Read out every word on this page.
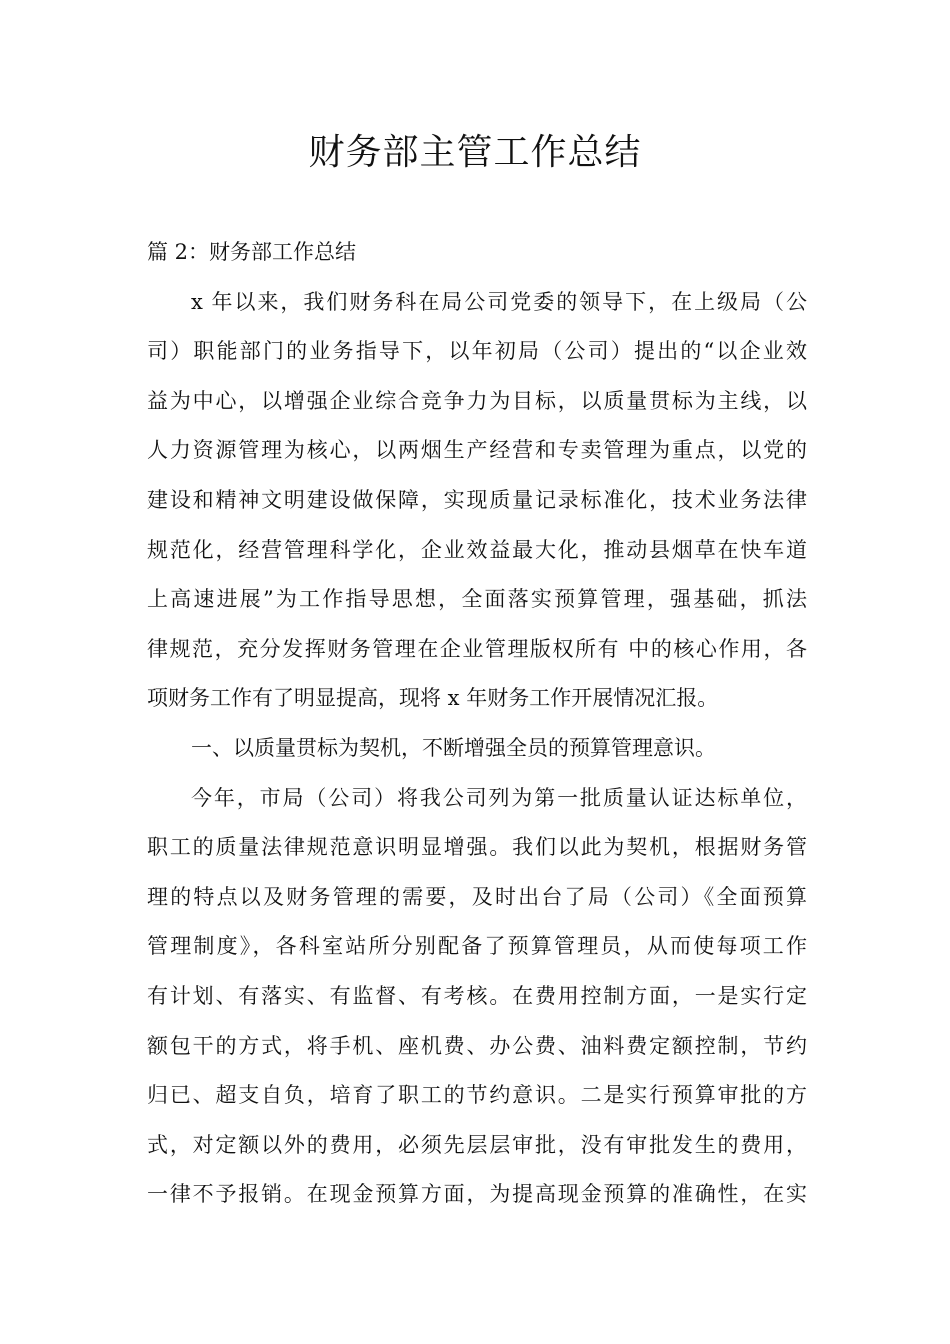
财务部主管工作总结
篇 2：财务部工作总结
x 年以来，我们财务科在局公司党委的领导下，在上级局（公
司）职能部门的业务指导下，以年初局（公司）提出的“以企业效
益为中心，以增强企业综合竞争力为目标，以质量贯标为主线，以
人力资源管理为核心，以两烟生产经营和专卖管理为重点，以党的
建设和精神文明建设做保障，实现质量记录标准化，技术业务法律
规范化，经营管理科学化，企业效益最大化，推动县烟草在快车道
上高速进展”为工作指导思想，全面落实预算管理，强基础，抓法
律规范，充分发挥财务管理在企业管理版权所有 中的核心作用，各
项财务工作有了明显提高，现将 x 年财务工作开展情况汇报。
一、以质量贯标为契机，不断增强全员的预算管理意识。
今年，市局（公司）将我公司列为第一批质量认证达标单位，
职工的质量法律规范意识明显增强。我们以此为契机，根据财务管
理的特点以及财务管理的需要，及时出台了局（公司）《全面预算
管理制度》，各科室站所分别配备了预算管理员，从而使每项工作
有计划、有落实、有监督、有考核。在费用控制方面，一是实行定
额包干的方式，将手机、座机费、办公费、油料费定额控制，节约
归已、超支自负，培育了职工的节约意识。二是实行预算审批的方
式，对定额以外的费用，必须先层层审批，没有审批发生的费用，
一律不予报销。在现金预算方面，为提高现金预算的准确性，在实
